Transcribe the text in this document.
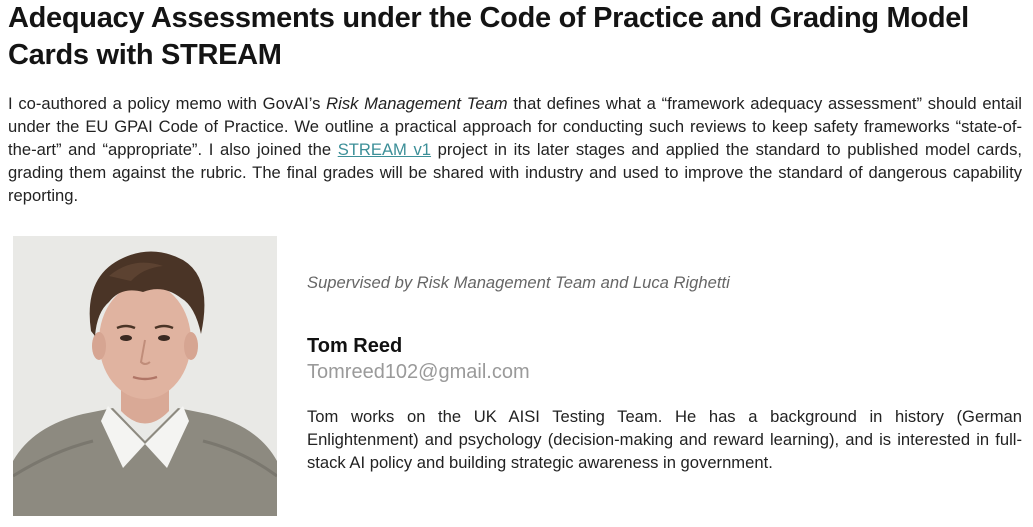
Adequacy Assessments under the Code of Practice and Grading Model Cards with STREAM

I co-authored a policy memo with GovAI’s Risk Management Team that defines what a “framework adequacy assessment” should entail under the EU GPAI Code of Practice. We outline a practical approach for conducting such reviews to keep safety frameworks “state-of-the-art” and “appropriate”. I also joined the STREAM v1 project in its later stages and applied the standard to published model cards, grading them against the rubric. The final grades will be shared with industry and used to improve the standard of dangerous capability reporting.

Supervised by Risk Management Team and Luca Righetti

Tom Reed

Tomreed102@gmail.com

Tom works on the UK AISI Testing Team. He has a background in history (German Enlightenment) and psychology (decision-making and reward learning), and is interested in full-stack AI policy and building strategic awareness in government.
